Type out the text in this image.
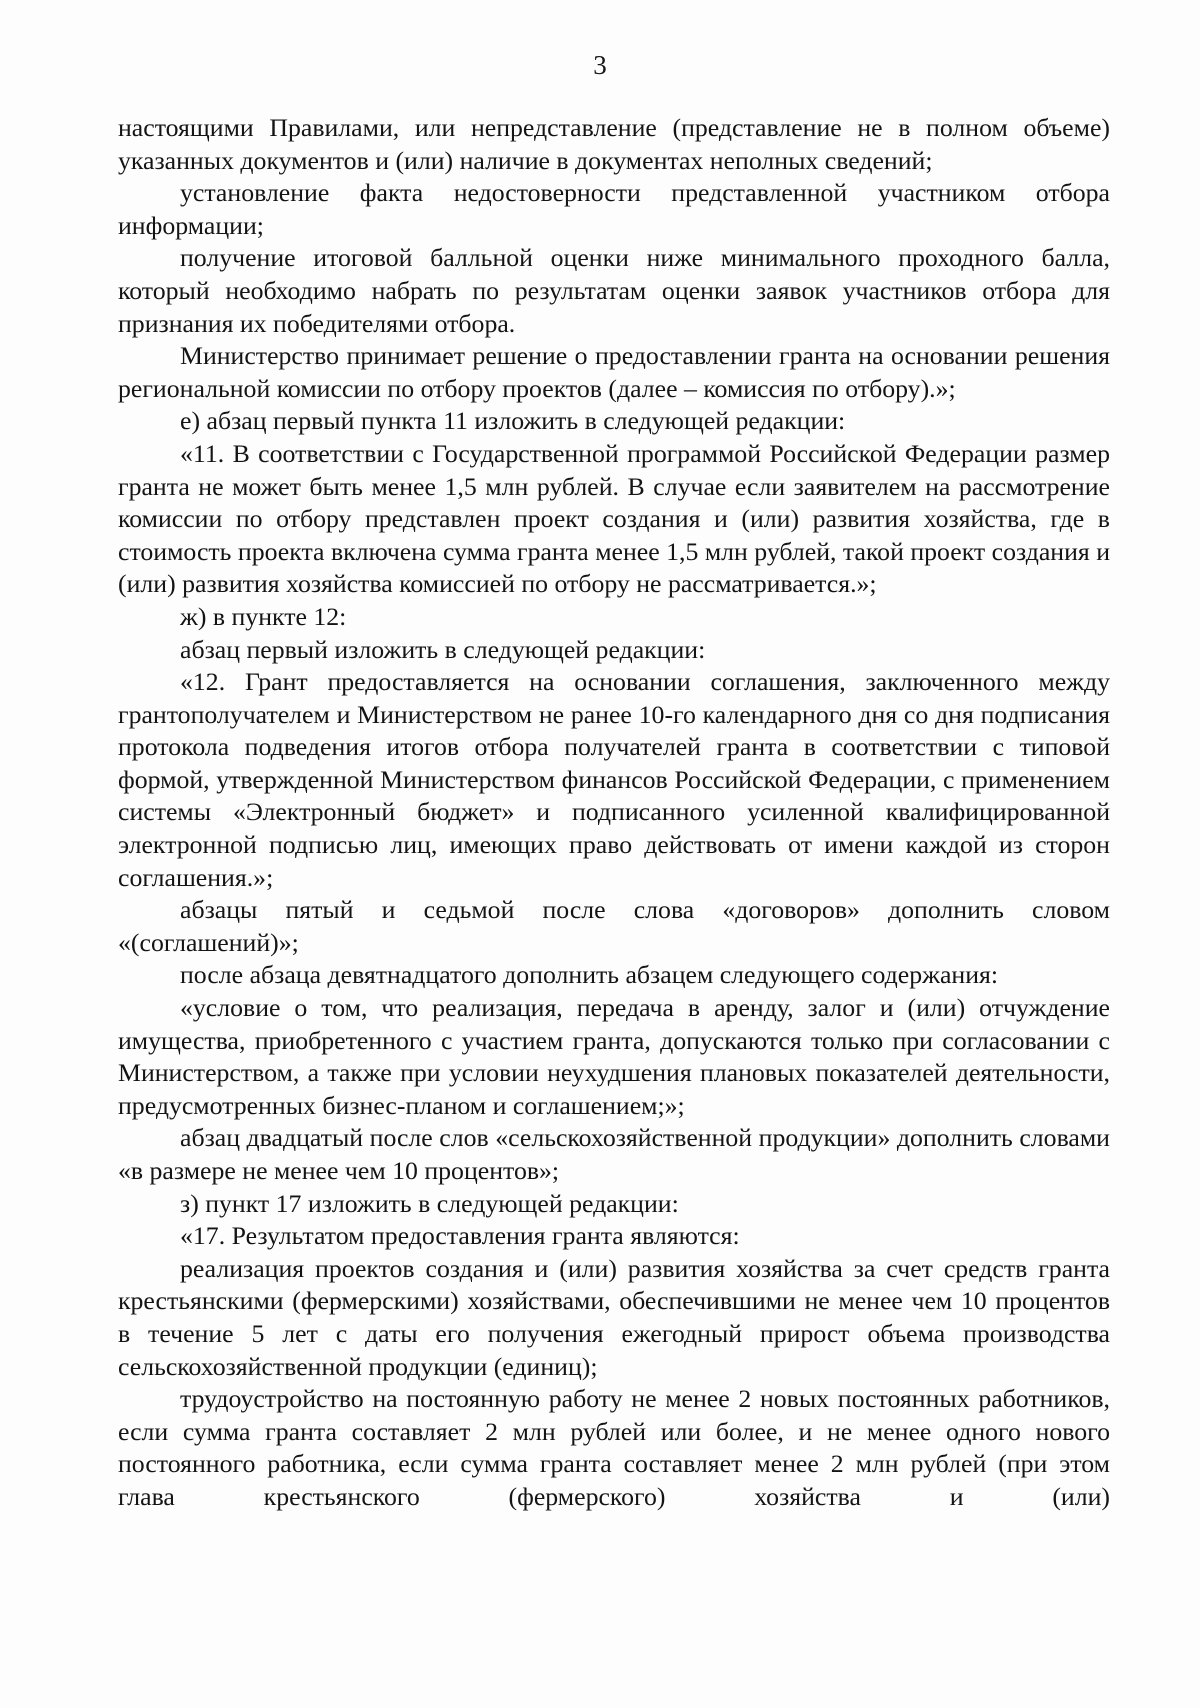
3

настоящими Правилами, или непредставление (представление не в полном объеме) указанных документов и (или) наличие в документах неполных сведений;

установление факта недостоверности представленной участником отбора информации;

получение итоговой балльной оценки ниже минимального проходного балла, который необходимо набрать по результатам оценки заявок участников отбора для признания их победителями отбора.

Министерство принимает решение о предоставлении гранта на основании решения региональной комиссии по отбору проектов (далее – комиссия по отбору).»;

е) абзац первый пункта 11 изложить в следующей редакции:

«11. В соответствии с Государственной программой Российской Федерации размер гранта не может быть менее 1,5 млн рублей. В случае если заявителем на рассмотрение комиссии по отбору представлен проект создания и (или) развития хозяйства, где в стоимость проекта включена сумма гранта менее 1,5 млн рублей, такой проект создания и (или) развития хозяйства комиссией по отбору не рассматривается.»;

ж) в пункте 12:

абзац первый изложить в следующей редакции:

«12. Грант предоставляется на основании соглашения, заключенного между грантополучателем и Министерством не ранее 10-го календарного дня со дня подписания протокола подведения итогов отбора получателей гранта в соответствии с типовой формой, утвержденной Министерством финансов Российской Федерации, с применением системы «Электронный бюджет» и подписанного усиленной квалифицированной электронной подписью лиц, имеющих право действовать от имени каждой из сторон соглашения.»;

абзацы пятый и седьмой после слова «договоров» дополнить словом «(соглашений)»;

после абзаца девятнадцатого дополнить абзацем следующего содержания:

«условие о том, что реализация, передача в аренду, залог и (или) отчуждение имущества, приобретенного с участием гранта, допускаются только при согласовании с Министерством, а также при условии неухудшения плановых показателей деятельности, предусмотренных бизнес-планом и соглашением;»;

абзац двадцатый после слов «сельскохозяйственной продукции» дополнить словами «в размере не менее чем 10 процентов»;

з) пункт 17 изложить в следующей редакции:

«17. Результатом предоставления гранта являются:

реализация проектов создания и (или) развития хозяйства за счет средств гранта крестьянскими (фермерскими) хозяйствами, обеспечившими не менее чем 10 процентов в течение 5 лет с даты его получения ежегодный прирост объема производства сельскохозяйственной продукции (единиц);

трудоустройство на постоянную работу не менее 2 новых постоянных работников, если сумма гранта составляет 2 млн рублей или более, и не менее одного нового постоянного работника, если сумма гранта составляет менее 2 млн рублей (при этом глава крестьянского (фермерского) хозяйства и (или)
